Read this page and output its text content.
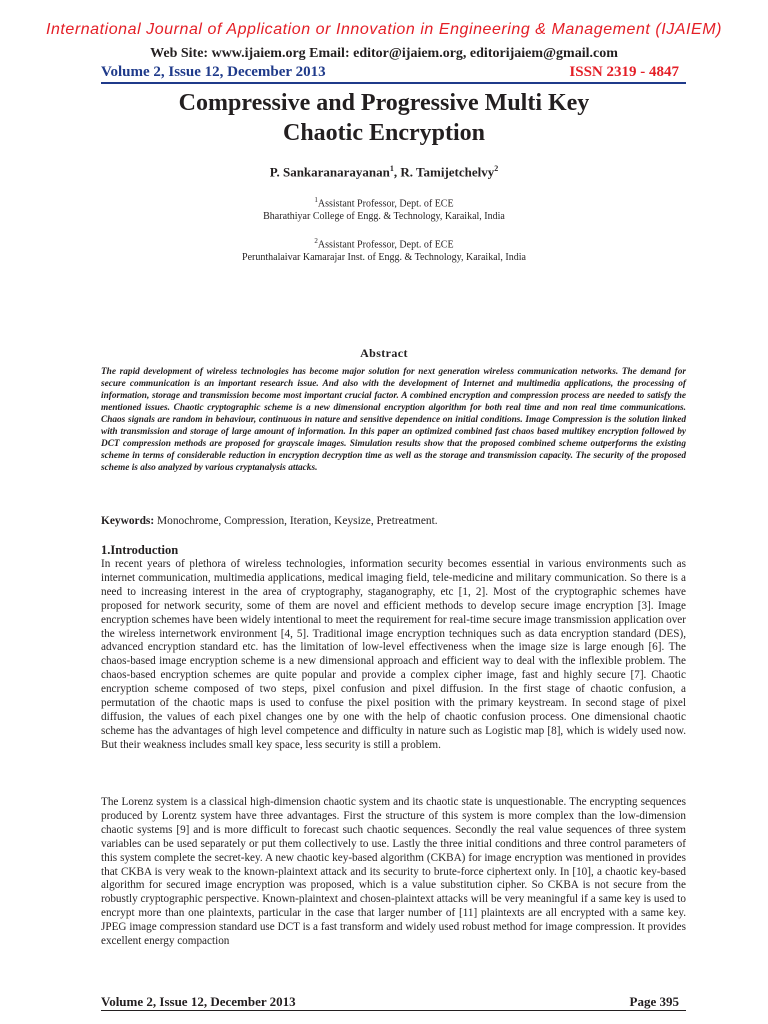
International Journal of Application or Innovation in Engineering & Management (IJAIEM)
Web Site: www.ijaiem.org Email: editor@ijaiem.org, editorijaiem@gmail.com
Volume 2, Issue 12, December 2013	ISSN 2319 - 4847
Compressive and Progressive Multi Key
Chaotic Encryption
P. Sankaranarayanan$^1$, R. Tamijetchelvy$^2$
$^1$Assistant Professor, Dept. of ECE
Bharathiyar College of Engg. & Technology, Karaikal, India
$^2$Assistant Professor, Dept. of ECE
Perunthalaivar Kamarajar Inst. of Engg. & Technology, Karaikal, India
Abstract
The rapid development of wireless technologies has become major solution for next generation wireless communication networks. The demand for secure communication is an important research issue. And also with the development of Internet and multimedia applications, the processing of information, storage and transmission become most important crucial factor. A combined encryption and compression process are needed to satisfy the mentioned issues. Chaotic cryptographic scheme is a new dimensional encryption algorithm for both real time and non real time communications. Chaos signals are random in behaviour, continuous in nature and sensitive dependence on initial conditions. Image Compression is the solution linked with transmission and storage of large amount of information. In this paper an optimized combined fast chaos based multikey encryption followed by DCT compression methods are proposed for grayscale images. Simulation results show that the proposed combined scheme outperforms the existing scheme in terms of considerable reduction in encryption decryption time as well as the storage and transmission capacity. The security of the proposed scheme is also analyzed by various cryptanalysis attacks.
Keywords: Monochrome, Compression, Iteration, Keysize, Pretreatment.
1.Introduction
In recent years of plethora of wireless technologies, information security becomes essential in various environments such as internet communication, multimedia applications, medical imaging field, tele-medicine and military communication. So there is a need to increasing interest in the area of cryptography, staganography, etc [1, 2]. Most of the cryptographic schemes have proposed for network security, some of them are novel and efficient methods to develop secure image encryption [3]. Image encryption schemes have been widely intentional to meet the requirement for real-time secure image transmission application over the wireless internetwork environment [4, 5]. Traditional image encryption techniques such as data encryption standard (DES), advanced encryption standard etc. has the limitation of low-level effectiveness when the image size is large enough [6]. The chaos-based image encryption scheme is a new dimensional approach and efficient way to deal with the inflexible problem. The chaos-based encryption schemes are quite popular and provide a complex cipher image, fast and highly secure [7]. Chaotic encryption scheme composed of two steps, pixel confusion and pixel diffusion. In the first stage of chaotic confusion, a permutation of the chaotic maps is used to confuse the pixel position with the primary keystream. In second stage of pixel diffusion, the values of each pixel changes one by one with the help of chaotic confusion process. One dimensional chaotic scheme has the advantages of high level competence and difficulty in nature such as Logistic map [8], which is widely used now. But their weakness includes small key space, less security is still a problem.
The Lorenz system is a classical high-dimension chaotic system and its chaotic state is unquestionable. The encrypting sequences produced by Lorentz system have three advantages. First the structure of this system is more complex than the low-dimension chaotic systems [9] and is more difficult to forecast such chaotic sequences. Secondly the real value sequences of three system variables can be used separately or put them collectively to use. Lastly the three initial conditions and three control parameters of this system complete the secret-key. A new chaotic key-based algorithm (CKBA) for image encryption was mentioned in provides that CKBA is very weak to the known-plaintext attack and its security to brute-force ciphertext only. In [10], a chaotic key-based algorithm for secured image encryption was proposed, which is a value substitution cipher. So CKBA is not secure from the robustly cryptographic perspective. Known-plaintext and chosen-plaintext attacks will be very meaningful if a same key is used to encrypt more than one plaintexts, particular in the case that larger number of [11] plaintexts are all encrypted with a same key. JPEG image compression standard use DCT is a fast transform and widely used robust method for image compression. It provides excellent energy compaction
Volume 2, Issue 12, December 2013	Page 395
